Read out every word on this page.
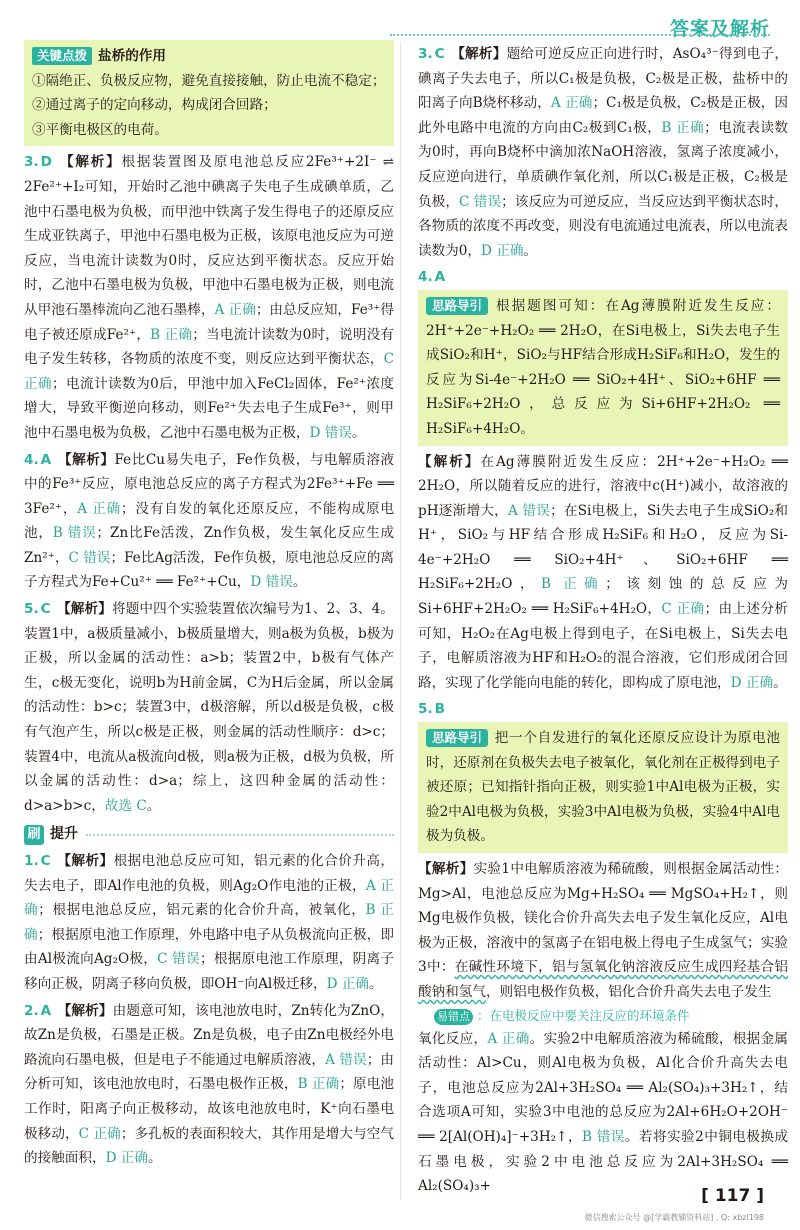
答案及解析

关键点拨 盐桥的作用

①隔绝正、负极反应物，避免直接接触，防止电流不稳定；

②通过离子的定向移动，构成闭合回路；

③平衡电极区的电荷。

3. D 【解析】根据装置图及原电池总反应2Fe³⁺+2I⁻ ⇌ 2Fe²⁺+I₂可知，开始时乙池中碘离子失电子生成碘单质，乙池中石墨电极为负极，而甲池中铁离子发生得电子的还原反应生成亚铁离子，甲池中石墨电极为正极，该原电池反应为可逆反应，当电流计读数为0时，反应达到平衡状态。反应开始时，乙池中石墨电极为负极，甲池中石墨电极为正极，则电流从甲池石墨棒流向乙池石墨棒，A 正确；由总反应知，Fe³⁺得电子被还原成Fe²⁺，B 正确；当电流计读数为0时，说明没有电子发生转移，各物质的浓度不变，则反应达到平衡状态，C 正确；电流计读数为0后，甲池中加入FeCl₂固体，Fe²⁺浓度增大，导致平衡逆向移动，则Fe²⁺失去电子生成Fe³⁺，则甲池中石墨电极为负极，乙池中石墨电极为正极，D 错误。

4. A 【解析】Fe比Cu易失电子，Fe作负极，与电解质溶液中的Fe³⁺反应，原电池总反应的离子方程式为2Fe³⁺+Fe ══ 3Fe²⁺，A 正确；没有自发的氧化还原反应，不能构成原电池，B 错误；Zn比Fe活泼，Zn作负极，发生氧化反应生成Zn²⁺，C 错误；Fe比Ag活泼，Fe作负极，原电池总反应的离子方程式为Fe+Cu²⁺ ══ Fe²⁺+Cu，D 错误。

5. C 【解析】将题中四个实验装置依次编号为1、2、3、4。装置1中，a极质量减小，b极质量增大，则a极为负极，b极为正极，所以金属的活动性：a>b；装置2中，b极有气体产生，c极无变化，说明b为H前金属，C为H后金属，所以金属的活动性：b>c；装置3中，d极溶解，所以d极是负极，c极有气泡产生，所以c极是正极，则金属的活动性顺序：d>c；装置4中，电流从a极流向d极，则a极为正极，d极为负极，所以金属的活动性：d>a；综上，这四种金属的活动性：d>a>b>c，故选 C。

刷 提升

1. C 【解析】根据电池总反应可知，铝元素的化合价升高，失去电子，即Al作电池的负极，则Ag₂O作电池的正极，A 正确；根据电池总反应，铝元素的化合价升高，被氧化，B 正确；根据原电池工作原理，外电路中电子从负极流向正极，即由Al极流向Ag₂O极，C 错误；根据原电池工作原理，阴离子移向正极，阴离子移向负极，即OH⁻向Al极迁移，D 正确。

2. A 【解析】由题意可知，该电池放电时，Zn转化为ZnO，故Zn是负极，石墨是正极。Zn是负极，电子由Zn电极经外电路流向石墨电极，但是电子不能通过电解质溶液，A 错误；由分析可知，该电池放电时，石墨电极作正极，B 正确；原电池工作时，阳离子向正极移动，故该电池放电时，K⁺向石墨电极移动，C 正确；多孔板的表面积较大，其作用是增大与空气的接触面积，D 正确。

3. C 【解析】题给可逆反应正向进行时，AsO₄³⁻得到电子，碘离子失去电子，所以C₁极是负极，C₂极是正极，盐桥中的阳离子向B烧杯移动，A 正确；C₁极是负极，C₂极是正极，因此外电路中电流的方向由C₂极到C₁极，B 正确；电流表读数为0时，再向B烧杯中滴加浓NaOH溶液，氢离子浓度减小，反应逆向进行，单质碘作氧化剂，所以C₁极是正极，C₂极是负极，C 错误；该反应为可逆反应，当反应达到平衡状态时，各物质的浓度不再改变，则没有电流通过电流表，所以电流表读数为0，D 正确。

4. A

思路导引 根据题图可知：在Ag薄膜附近发生反应：2H⁺+2e⁻+H₂O₂ ══ 2H₂O，在Si电极上，Si失去电子生成SiO₂和H⁺，SiO₂与HF结合形成H₂SiF₆和H₂O，发生的反应为Si-4e⁻+2H₂O ══ SiO₂+4H⁺、SiO₂+6HF ══ H₂SiF₆+2H₂O，总反应为Si+6HF+2H₂O₂ ══ H₂SiF₆+4H₂O。

【解析】在Ag薄膜附近发生反应：2H⁺+2e⁻+H₂O₂ ══ 2H₂O，所以随着反应的进行，溶液中c(H⁺)减小，故溶液的pH逐渐增大，A 错误；在Si电极上，Si失去电子生成SiO₂和H⁺，SiO₂与HF结合形成H₂SiF₆和H₂O，反应为Si-4e⁻+2H₂O ══ SiO₂+4H⁺、SiO₂+6HF ══ H₂SiF₆+2H₂O，B 正确；该刻蚀的总反应为Si+6HF+2H₂O₂ ══ H₂SiF₆+4H₂O，C 正确；由上述分析可知，H₂O₂在Ag电极上得到电子，在Si电极上，Si失去电子，电解质溶液为HF和H₂O₂的混合溶液，它们形成闭合回路，实现了化学能向电能的转化，即构成了原电池，D 正确。

5. B

思路导引 把一个自发进行的氧化还原反应设计为原电池时，还原剂在负极失去电子被氧化，氧化剂在正极得到电子被还原；已知指针指向正极，则实验1中Al电极为正极，实验2中Al电极为负极，实验3中Al电极为负极，实验4中Al电极为负极。

【解析】实验1中电解质溶液为稀硫酸，则根据金属活动性：Mg>Al，电池总反应为Mg+H₂SO₄ ══ MgSO₄+H₂↑，则Mg电极作负极，镁化合价升高失去电子发生氧化反应，Al电极为正极，溶液中的氢离子在铝电极上得电子生成氢气；实验3中：在碱性环境下，铝与氢氧化钠溶液反应生成四羟基合铝酸钠和氢气，则铝电极作负极，铝化合价升高失去电子发生

易错点 ：在电极反应中要关注反应的环境条件

氧化反应，A 正确。实验2中电解质溶液为稀硫酸，根据金属活动性：Al>Cu，则Al电极为负极，Al化合价升高失去电子，电池总反应为2Al+3H₂SO₄ ══ Al₂(SO₄)₃+3H₂↑，结合选项A可知，实验3中电池的总反应为2Al+6H₂O+2OH⁻ ══ 2[Al(OH)₄]⁻+3H₂↑，B 错误。若将实验2中铜电极换成石墨电极，实验2中电池总反应为2Al+3H₂SO₄ ══ Al₂(SO₄)₃+	[ 117 ]
微信搜索公众号 @[学霸教辅资料站] , Q: xbzl198
